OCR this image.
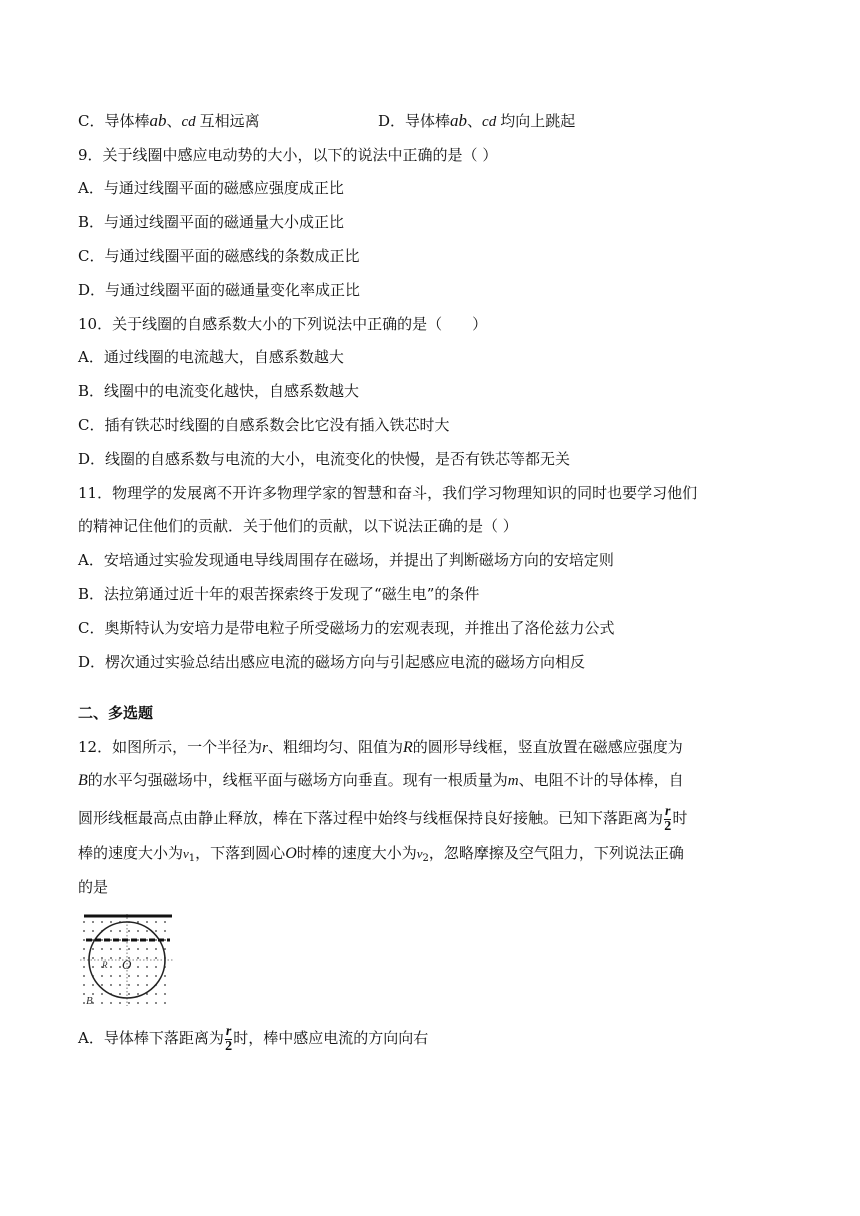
C．导体棒ab、cd 互相远离	D．导体棒ab、cd 均向上跳起
9．关于线圈中感应电动势的大小，以下的说法中正确的是（ ）
A．与通过线圈平面的磁感应强度成正比
B．与通过线圈平面的磁通量大小成正比
C．与通过线圈平面的磁感线的条数成正比
D．与通过线圈平面的磁通量变化率成正比
10．关于线圈的自感系数大小的下列说法中正确的是（　　）
A．通过线圈的电流越大，自感系数越大
B．线圈中的电流变化越快，自感系数越大
C．插有铁芯时线圈的自感系数会比它没有插入铁芯时大
D．线圈的自感系数与电流的大小，电流变化的快慢，是否有铁芯等都无关
11．物理学的发展离不开许多物理学家的智慧和奋斗，我们学习物理知识的同时也要学习他们
的精神记住他们的贡献．关于他们的贡献，以下说法正确的是（ ）
A．安培通过实验发现通电导线周围存在磁场，并提出了判断磁场方向的安培定则
B．法拉第通过近十年的艰苦探索终于发现了“磁生电”的条件
C．奥斯特认为安培力是带电粒子所受磁场力的宏观表现，并推出了洛伦兹力公式
D．楞次通过实验总结出感应电流的磁场方向与引起感应电流的磁场方向相反
二、多选题
12．如图所示，一个半径为r、粗细均匀、阻值为R的圆形导线框，竖直放置在磁感应强度为
B的水平匀强磁场中，线框平面与磁场方向垂直。现有一根质量为m、电阻不计的导体棒，自
圆形线框最高点由静止释放，棒在下落过程中始终与线框保持良好接触。已知下落距离为 $\frac{r}{2}$ 时
棒的速度大小为$v_1$，下落到圆心O时棒的速度大小为$v_2$，忽略摩擦及空气阻力，下列说法正确
的是
R O
B
A．导体棒下落距离为 $\frac{r}{2}$ 时，棒中感应电流的方向向右
